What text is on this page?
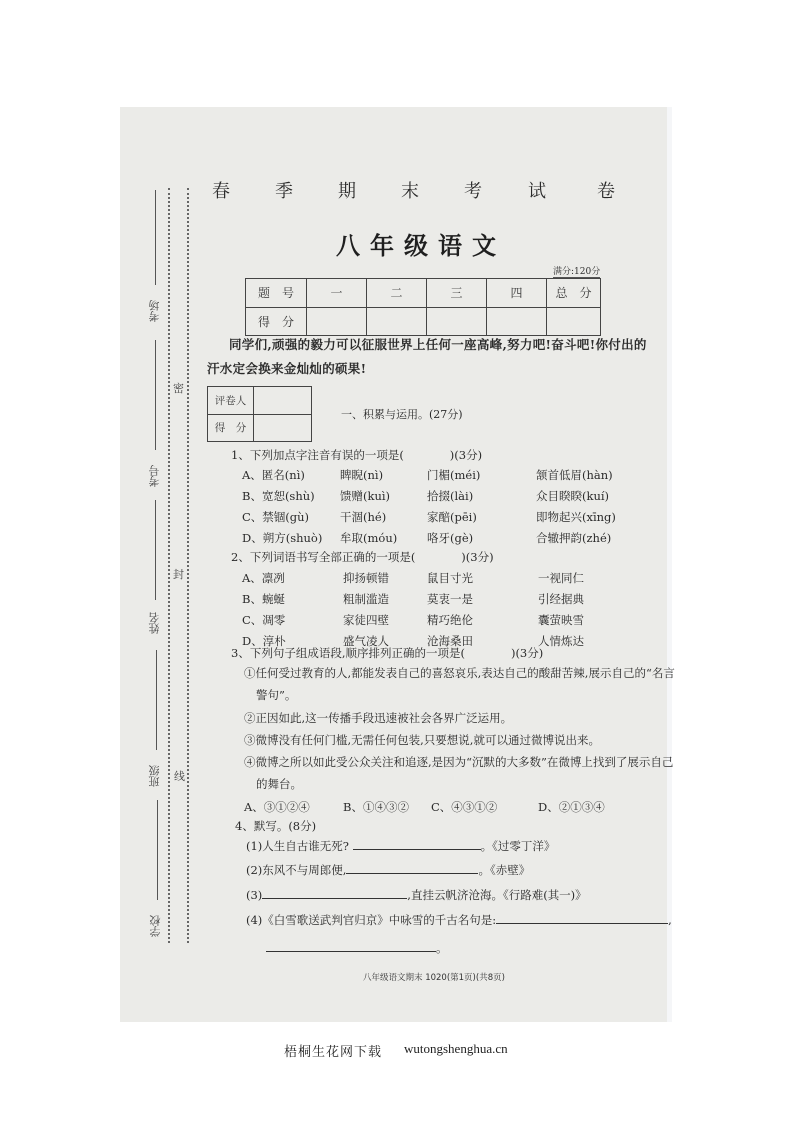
考场
考号
姓名
班级
学校
密
封
线
春	季	期	末	考	试	卷
八年级语文
满分:120分
题　号	一	二	三	四	总　分
得　分					
同学们,顽强的毅力可以征服世界上任何一座高峰,努力吧!奋斗吧!你付出的
汗水定会换来金灿灿的硕果!
评卷人	
得　分	
一、积累与运用。(27分)
1、下列加点字注音有误的一项是(　　　　)(3分)
A、匿名(nì)	睥睨(nì)	门楣(méi)	颔首低眉(hàn)
B、宽恕(shù) 馈赠(kuì)	拾掇(lài)	众目睽睽(kuí)
C、禁锢(gù)	干涸(hé)	家醅(pēi)	即物起兴(xīng)
D、朔方(shuò) 牟取(móu)	咯牙(gè)	合辙押韵(zhé)
2、下列词语书写全部正确的一项是(　　　　)(3分)
A、凛冽	抑扬顿错	鼠目寸光	一视同仁
B、蜿蜒	粗制滥造	莫衷一是	引经据典
C、凋零	家徒四壁	精巧绝伦	囊萤映雪
D、淳朴	盛气凌人	沧海桑田	人情炼达
3、下列句子组成语段,顺序排列正确的一项是(　　　　)(3分)
①任何受过教育的人,都能发表自己的喜怒哀乐,表达自己的酸甜苦辣,展示自己的“名言
警句”。
②正因如此,这一传播手段迅速被社会各界广泛运用。
③微博没有任何门槛,无需任何包装,只要想说,就可以通过微博说出来。
④微博之所以如此受公众关注和追逐,是因为“沉默的大多数”在微博上找到了展示自己
的舞台。
A、③①②④	B、①④③② C、④③①②	D、②①③④
4、默写。(8分)
(1)人生自古谁无死?	。《过零丁洋》
(2)东风不与周郎便,	。《赤壁》
(3)	,直挂云帆济沧海。《行路难(其一)》
(4)《白雪歌送武判官归京》中咏雪的千古名句是:	,
。
八年级语文期末 1020(第1页)(共8页)
梧桐生花网下载 wutongshenghua.cn
